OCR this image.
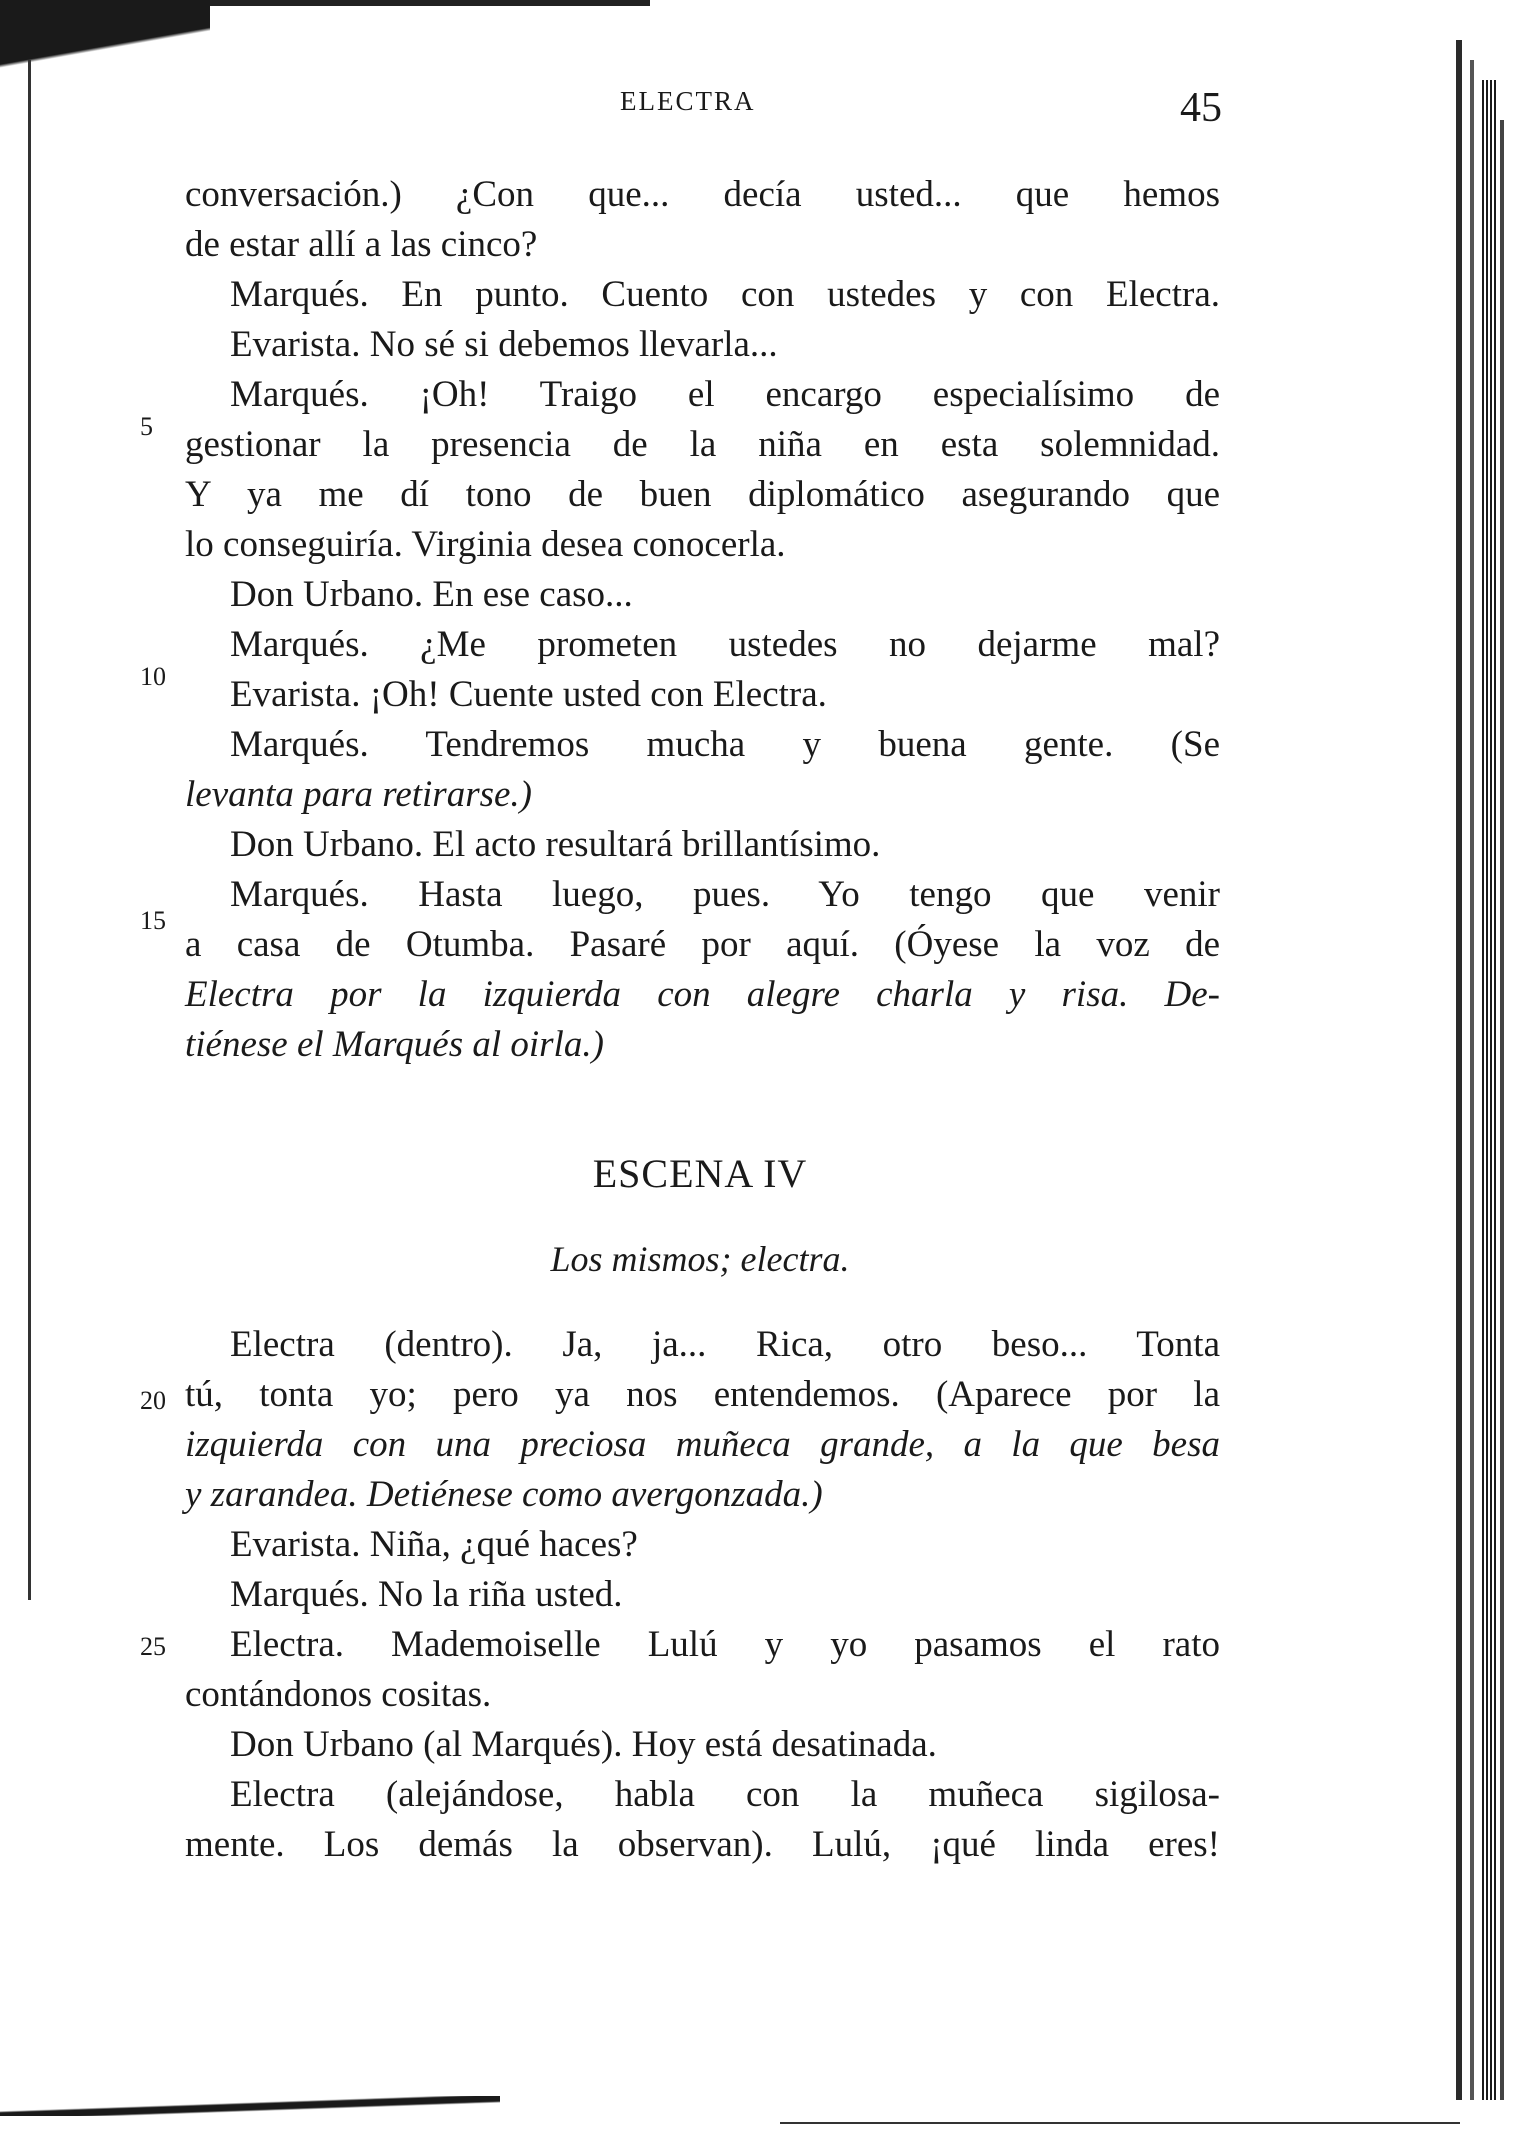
ELECTRA	45
5
10
15
20
25
conversación.) ¿Con que... decía usted... que hemos
de estar allí a las cinco?
Marqués. En punto. Cuento con ustedes y con Electra.
Evarista. No sé si debemos llevarla...
Marqués. ¡Oh! Traigo el encargo especialísimo de
gestionar la presencia de la niña en esta solemnidad.
Y ya me dí tono de buen diplomático asegurando que
lo conseguiría. Virginia desea conocerla.
Don Urbano. En ese caso...
Marqués. ¿Me prometen ustedes no dejarme mal?
Evarista. ¡Oh! Cuente usted con Electra.
Marqués. Tendremos mucha y buena gente. (Se
levanta para retirarse.)
Don Urbano. El acto resultará brillantísimo.
Marqués. Hasta luego, pues. Yo tengo que venir
a casa de Otumba. Pasaré por aquí. (Óyese la voz de
Electra por la izquierda con alegre charla y risa. De-
tiénese el Marqués al oirla.)
ESCENA IV
Los mismos; electra.
Electra (dentro). Ja, ja... Rica, otro beso... Tonta
tú, tonta yo; pero ya nos entendemos. (Aparece por la
izquierda con una preciosa muñeca grande, a la que besa
y zarandea. Detiénese como avergonzada.)
Evarista. Niña, ¿qué haces?
Marqués. No la riña usted.
Electra. Mademoiselle Lulú y yo pasamos el rato
contándonos cositas.
Don Urbano (al Marqués). Hoy está desatinada.
Electra (alejándose, habla con la muñeca sigilosa-
mente. Los demás la observan). Lulú, ¡qué linda eres!
